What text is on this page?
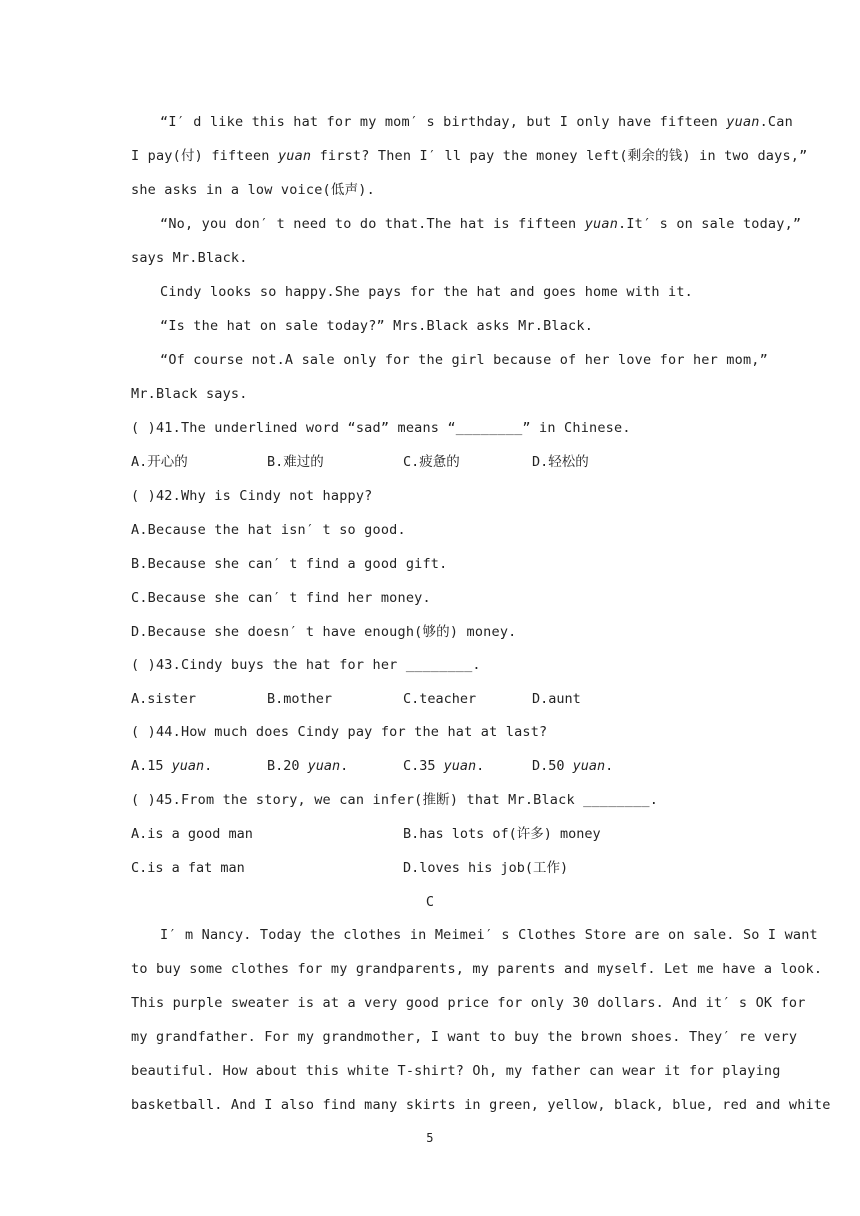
“I′ d like this hat for my mom′ s birthday, but I only have fifteen yuan.Can
I pay(付) fifteen yuan first? Then I′ ll pay the money left(剩余的钱) in two days,”
she asks in a low voice(低声).
“No, you don′ t need to do that.The hat is fifteen yuan.It′ s on sale today,”
says Mr.Black.
Cindy looks so happy.She pays for the hat and goes home with it.
“Is the hat on sale today?” Mrs.Black asks Mr.Black.
“Of course not.A sale only for the girl because of her love for her mom,”
Mr.Black says.
( )41.The underlined word “sad” means “________” in Chinese.
A.开心的	B.难过的	C.疲惫的	D.轻松的
( )42.Why is Cindy not happy?
A.Because the hat isn′ t so good.
B.Because she can′ t find a good gift.
C.Because she can′ t find her money.
D.Because she doesn′ t have enough(够的) money.
( )43.Cindy buys the hat for her ________.
A.sister	B.mother	C.teacher	D.aunt
( )44.How much does Cindy pay for the hat at last?
A.15 yuan.	B.20 yuan.	C.35 yuan.	D.50 yuan.
( )45.From the story, we can infer(推断) that Mr.Black ________.
A.is a good man	B.has lots of(许多) money
C.is a fat man	D.loves his job(工作)
C
I′ m Nancy. Today the clothes in Meimei′ s Clothes Store are on sale. So I want
to buy some clothes for my grandparents, my parents and myself. Let me have a look.
This purple sweater is at a very good price for only 30 dollars. And it′ s OK for
my grandfather. For my grandmother, I want to buy the brown shoes. They′ re very
beautiful. How about this white T-shirt? Oh, my father can wear it for playing
basketball. And I also find many skirts in green, yellow, black, blue, red and white
5
